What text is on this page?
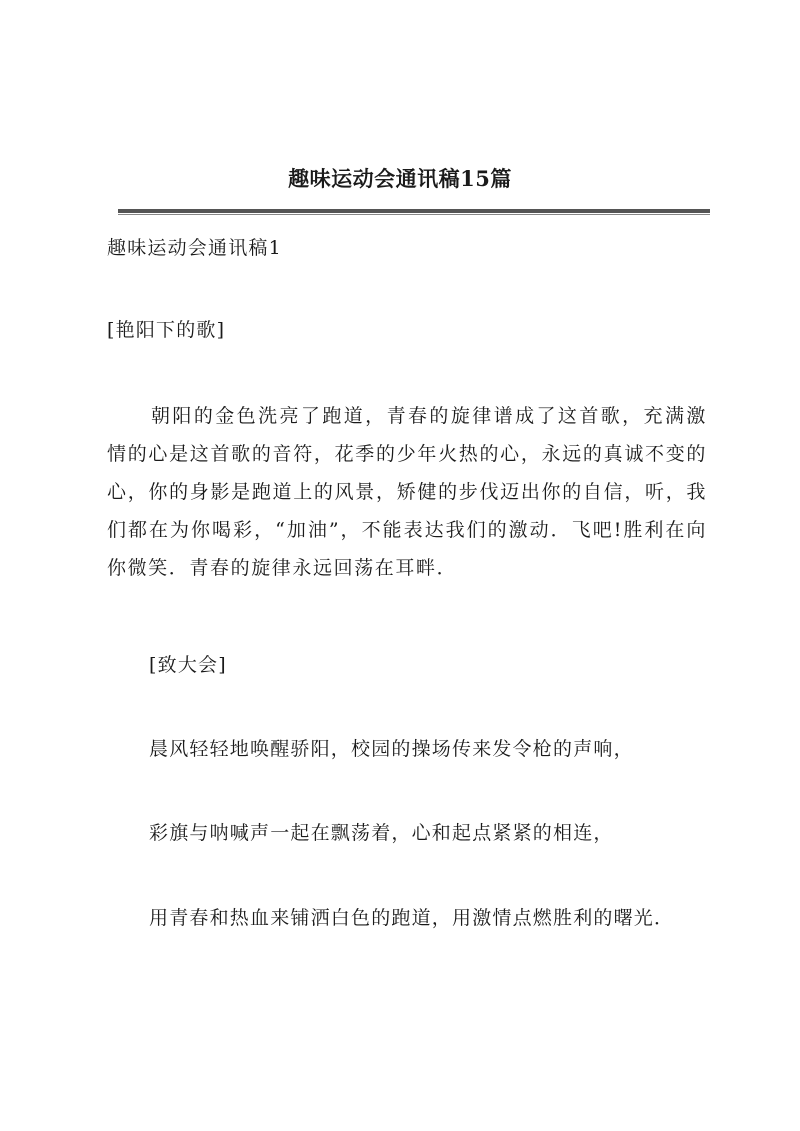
趣味运动会通讯稿15篇
趣味运动会通讯稿1
[艳阳下的歌]
朝阳的金色洗亮了跑道，青春的旋律谱成了这首歌，充满激情的心是这首歌的音符，花季的少年火热的心，永远的真诚不变的心，你的身影是跑道上的风景，矫健的步伐迈出你的自信，听，我们都在为你喝彩，“加油”，不能表达我们的激动．飞吧!胜利在向你微笑．青春的旋律永远回荡在耳畔．
[致大会]
晨风轻轻地唤醒骄阳，校园的操场传来发令枪的声响，
彩旗与呐喊声一起在飘荡着，心和起点紧紧的相连，
用青春和热血来铺洒白色的跑道，用激情点燃胜利的曙光．
